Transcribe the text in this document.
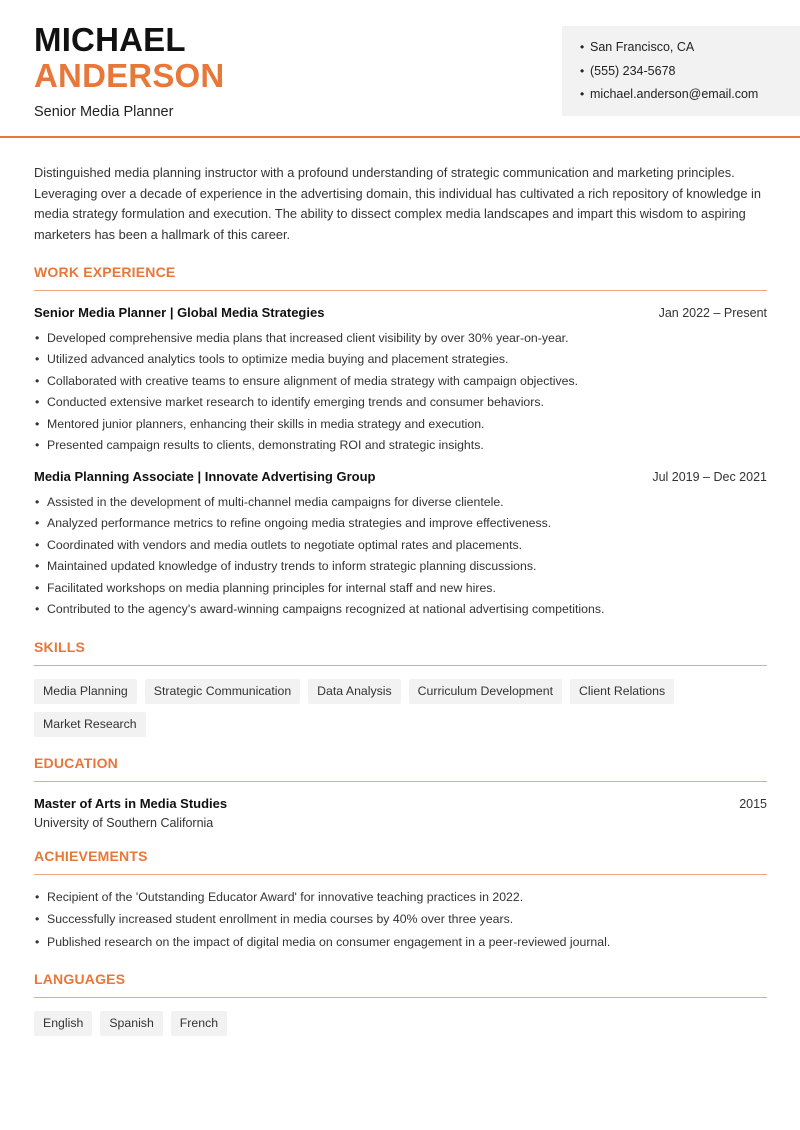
MICHAEL
ANDERSON
Senior Media Planner
• San Francisco, CA
• (555) 234-5678
• michael.anderson@email.com

Distinguished media planning instructor with a profound understanding of strategic communication and marketing principles. Leveraging over a decade of experience in the advertising domain, this individual has cultivated a rich repository of knowledge in media strategy formulation and execution. The ability to dissect complex media landscapes and impart this wisdom to aspiring marketers has been a hallmark of this career.

WORK EXPERIENCE
Senior Media Planner | Global Media Strategies	Jan 2022 – Present
• Developed comprehensive media plans that increased client visibility by over 30% year-on-year.
• Utilized advanced analytics tools to optimize media buying and placement strategies.
• Collaborated with creative teams to ensure alignment of media strategy with campaign objectives.
• Conducted extensive market research to identify emerging trends and consumer behaviors.
• Mentored junior planners, enhancing their skills in media strategy and execution.
• Presented campaign results to clients, demonstrating ROI and strategic insights.
Media Planning Associate | Innovate Advertising Group	Jul 2019 – Dec 2021
• Assisted in the development of multi-channel media campaigns for diverse clientele.
• Analyzed performance metrics to refine ongoing media strategies and improve effectiveness.
• Coordinated with vendors and media outlets to negotiate optimal rates and placements.
• Maintained updated knowledge of industry trends to inform strategic planning discussions.
• Facilitated workshops on media planning principles for internal staff and new hires.
• Contributed to the agency's award-winning campaigns recognized at national advertising competitions.
SKILLS
Media Planning	Strategic Communication	Data Analysis	Curriculum Development	Client Relations
Market Research
EDUCATION
Master of Arts in Media Studies	2015
University of Southern California
ACHIEVEMENTS
• Recipient of the 'Outstanding Educator Award' for innovative teaching practices in 2022.
• Successfully increased student enrollment in media courses by 40% over three years.
• Published research on the impact of digital media on consumer engagement in a peer-reviewed journal.
LANGUAGES
English	Spanish	French
